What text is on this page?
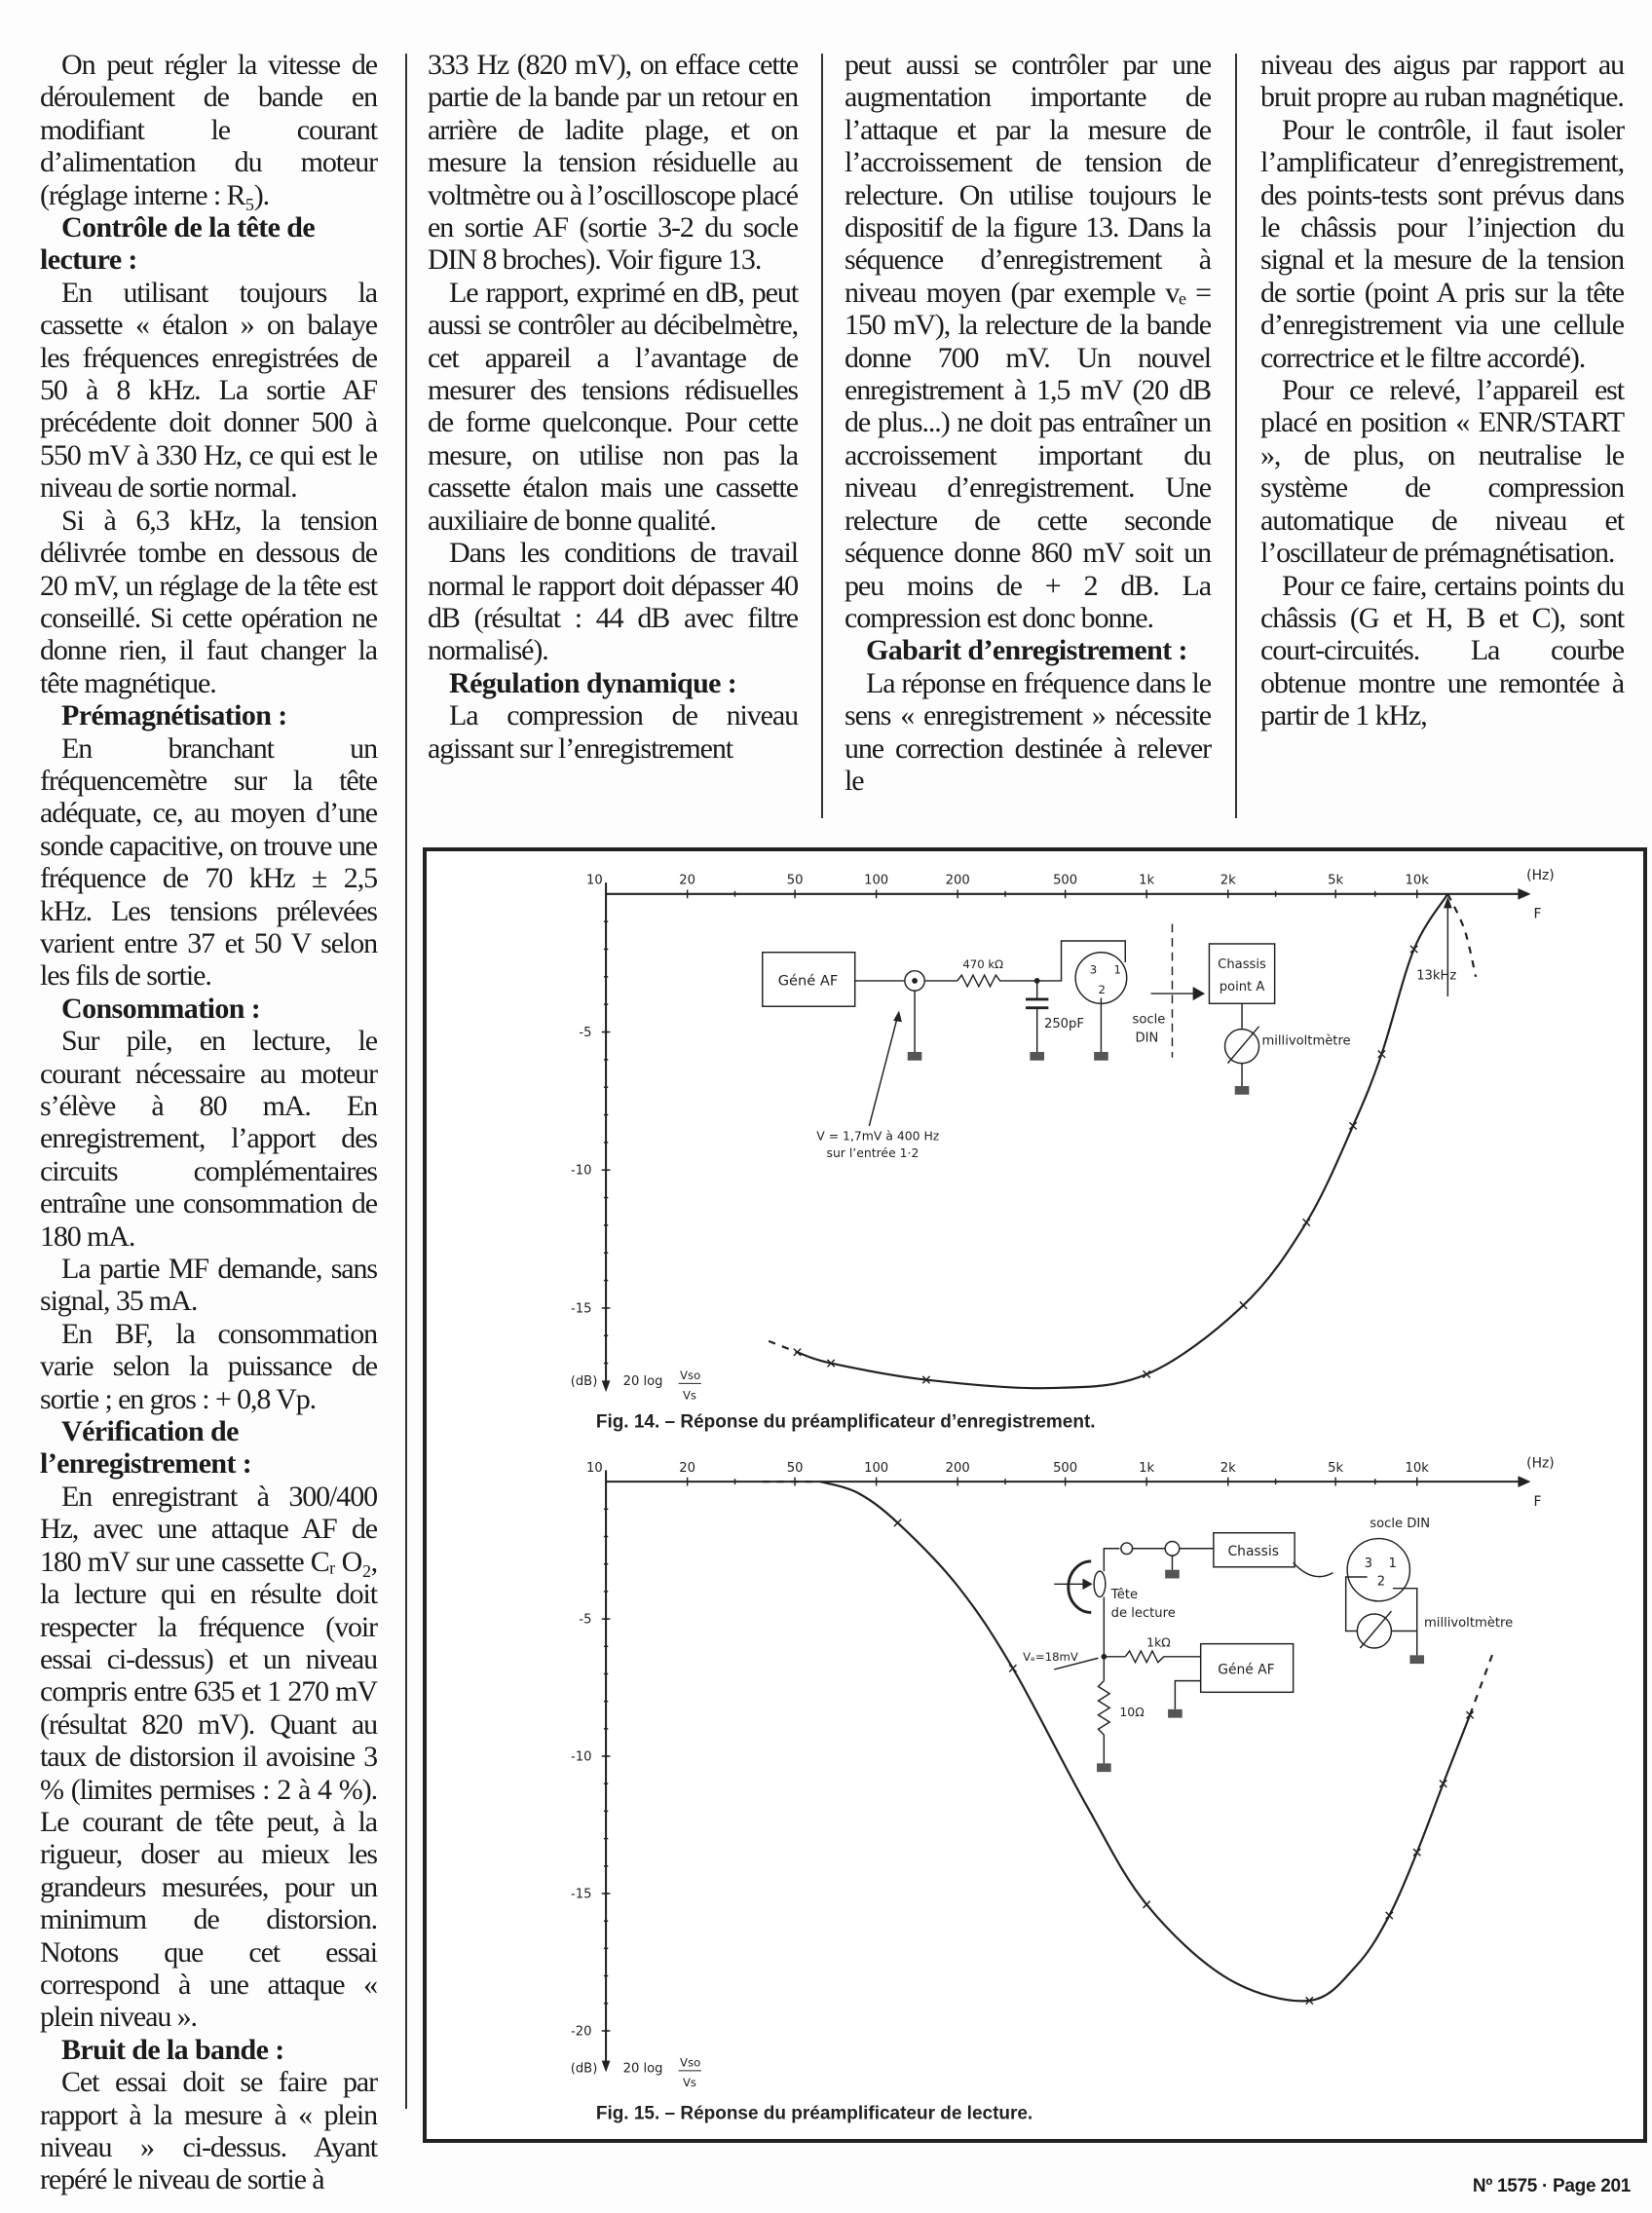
On peut régler la vitesse de déroulement de bande en modifiant le courant d’alimentation du moteur (réglage interne : R₅).

Contrôle de la tête de lecture :

En utilisant toujours la cassette « étalon » on balaye les fréquences enregistrées de 50 à 8 kHz. La sortie AF précédente doit donner 500 à 550 mV à 330 Hz, ce qui est le niveau de sortie normal.

Si à 6,3 kHz, la tension délivrée tombe en dessous de 20 mV, un réglage de la tête est conseillé. Si cette opération ne donne rien, il faut changer la tête magnétique.

Prémagnétisation :

En branchant un fréquencemètre sur la tête adéquate, ce, au moyen d’une sonde capacitive, on trouve une fréquence de 70 kHz ± 2,5 kHz. Les tensions prélevées varient entre 37 et 50 V selon les fils de sortie.

Consommation :

Sur pile, en lecture, le courant nécessaire au moteur s’élève à 80 mA. En enregistrement, l’apport des circuits complémentaires entraîne une consommation de 180 mA.

La partie MF demande, sans signal, 35 mA.

En BF, la consommation varie selon la puissance de sortie ; en gros : + 0,8 Vp.

Vérification de l’enregistrement :

En enregistrant à 300/400 Hz, avec une attaque AF de 180 mV sur une cassette Cᵣ O₂, la lecture qui en résulte doit respecter la fréquence (voir essai ci-dessus) et un niveau compris entre 635 et 1 270 mV (résultat 820 mV). Quant au taux de distorsion il avoisine 3 % (limites permises : 2 à 4 %). Le courant de tête peut, à la rigueur, doser au mieux les grandeurs mesurées, pour un minimum de distorsion. Notons que cet essai correspond à une attaque « plein niveau ».

Bruit de la bande :

Cet essai doit se faire par rapport à la mesure à « plein niveau » ci-dessus. Ayant repéré le niveau de sortie à

333 Hz (820 mV), on efface cette partie de la bande par un retour en arrière de ladite plage, et on mesure la tension résiduelle au voltmètre ou à l’oscilloscope placé en sortie AF (sortie 3-2 du socle DIN 8 broches). Voir figure 13.

Le rapport, exprimé en dB, peut aussi se contrôler au décibelmètre, cet appareil a l’avantage de mesurer des tensions rédisuelles de forme quelconque. Pour cette mesure, on utilise non pas la cassette étalon mais une cassette auxiliaire de bonne qualité.

Dans les conditions de travail normal le rapport doit dépasser 40 dB (résultat : 44 dB avec filtre normalisé).

Régulation dynamique :

La compression de niveau agissant sur l’enregistrement

peut aussi se contrôler par une augmentation importante de l’attaque et par la mesure de l’accroissement de tension de relecture. On utilise toujours le dispositif de la figure 13. Dans la séquence d’enregistrement à niveau moyen (par exemple vₑ = 150 mV), la relecture de la bande donne 700 mV. Un nouvel enregistrement à 1,5 mV (20 dB de plus...) ne doit pas entraîner un accroissement important du niveau d’enregistrement. Une relecture de cette seconde séquence donne 860 mV soit un peu moins de + 2 dB. La compression est donc bonne.

Gabarit d’enregistrement :

La réponse en fréquence dans le sens « enregistrement » nécessite une correction destinée à relever le

niveau des aigus par rapport au bruit propre au ruban magnétique.

Pour le contrôle, il faut isoler l’amplificateur d’enregistrement, des points-tests sont prévus dans le châssis pour l’injection du signal et la mesure de la tension de sortie (point A pris sur la tête d’enregistrement via une cellule correctrice et le filtre accordé).

Pour ce relevé, l’appareil est placé en position « ENR/START », de plus, on neutralise le système de compression automatique de niveau et l’oscillateur de prémagnétisation.

Pour ce faire, certains points du châssis (G et H, B et C), sont court-circuités. La courbe obtenue montre une remontée à partir de 1 kHz,

10	20	50	100	200	500	1k	2k	5k	10k
-5
-10
-15
(Hz)
F
(dB)	20 log Vso
Vs
Fig. 14. – Réponse du préamplificateur d’enregistrement.
13kHz
10	20	50	100	200	500	1k	2k	5k	10k
-5
-10
-15
-20
(Hz)
F
(dB)	20 log Vso
Vs
Fig. 15. – Réponse du préamplificateur de lecture.
Géné AF
470 kΩ
250pF
3 1
2
socle
DIN
Chassis
point A
millivoltmètre
V = 1,7mV à 400 Hz
sur l’entrée 1·2
Tête
de lecture
Chassis
1kΩ
Géné AF
10Ω
Vₑ=18mV
socle DIN
3 1
2
millivoltmètre
Nº 1575 · Page 201
